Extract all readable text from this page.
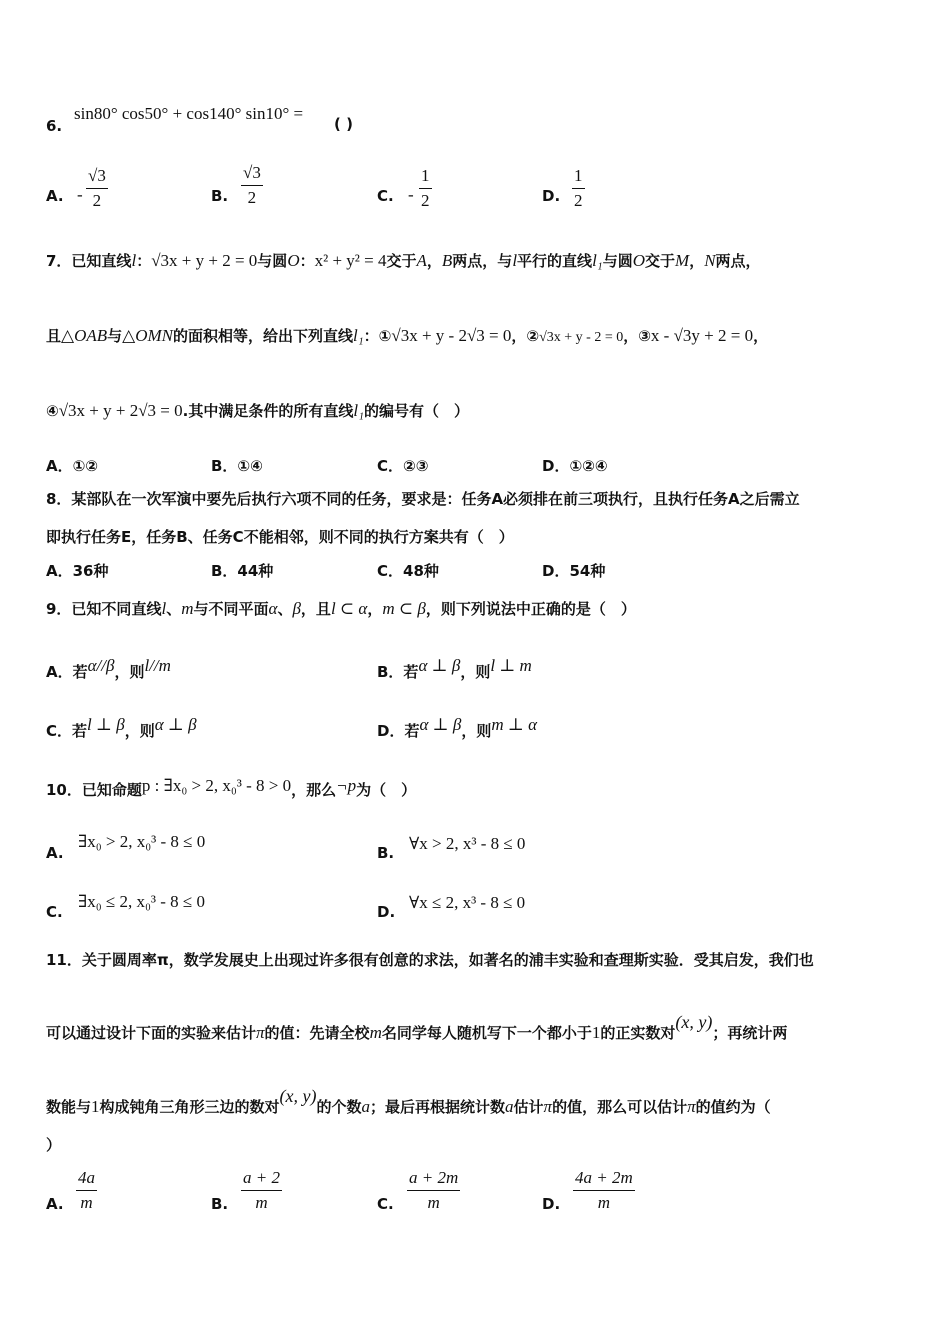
6.
sin80° cos50° + cos140° sin10° =
( )
A. -
√3
2	B.
√3
2	C. -
1
2	D.
1
2
7．已知直线l：√3x + y + 2 = 0与圆O：x² + y² = 4交于A，B两点，与l平行的直线l₁与圆O交于M，N两点，
且△OAB与△OMN的面积相等，给出下列直线l₁：①√3x + y - 2√3 = 0，②√3x + y - 2 = 0，③x - √3y + 2 = 0，
④√3x + y + 2√3 = 0.其中满足条件的所有直线l₁的编号有（　）
A．①②	B．①④	C．②③	D．①②④
8．某部队在一次军演中要先后执行六项不同的任务，要求是：任务A必须排在前三项执行，且执行任务A之后需立
即执行任务E，任务B、任务C不能相邻，则不同的执行方案共有（　）
A．36种	B．44种	C．48种	D．54种
9．已知不同直线l、m与不同平面α、β，且l ⊂ α，m ⊂ β，则下列说法中正确的是（　）
A．若α//β，则l//m	B．若α ⊥ β，则l ⊥ m
C．若l ⊥ β，则α ⊥ β	D．若α ⊥ β，则m ⊥ α
10．已知命题p : ∃x₀ > 2, x₀³ - 8 > 0，那么¬p为（　）
A.
∃x₀ > 2, x₀³ - 8 ≤ 0
B. ∀x > 2, x³ - 8 ≤ 0
C.
∃x₀ ≤ 2, x₀³ - 8 ≤ 0
D. ∀x ≤ 2, x³ - 8 ≤ 0
11．关于圆周率π，数学发展史上出现过许多很有创意的求法，如著名的浦丰实验和查理斯实验．受其启发，我们也
可以通过设计下面的实验来估计π的值：先请全校m名同学每人随机写下一个都小于1的正实数对(x, y)；再统计两
数能与1构成钝角三角形三边的数对(x, y)的个数a；最后再根据统计数a估计π的值，那么可以估计π的值约为（
）
A.
4a
m	B.
a + 2
m	C.
a + 2m
m	D.
4a + 2m
m
